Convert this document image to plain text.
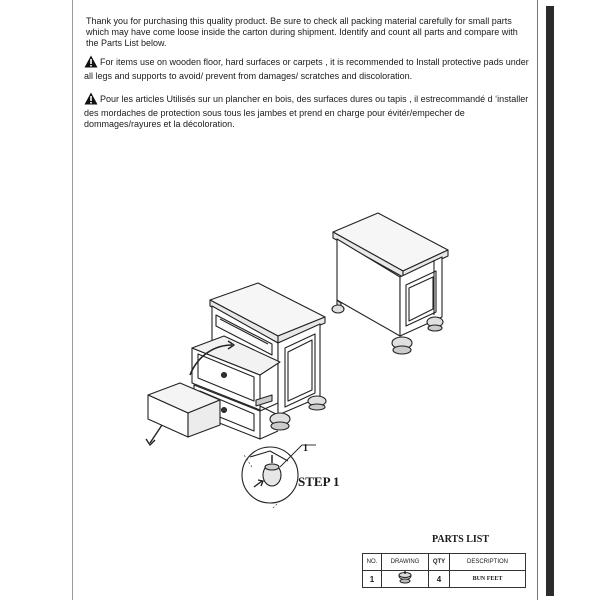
Thank you for purchasing this quality product. Be sure to check all packing material carefully for small parts which may have come loose inside the carton during shipment. Identify and count all parts and compare with the Parts List below.
For items use on wooden floor, hard surfaces or carpets , it is recommended to Install protective pads under all legs and supports to avoid/ prevent from damages/ scratches and discoloration.
Pour les articles Utilisés sur un plancher en bois, des surfaces dures ou tapis , il estrecommandé d ‘installer des mordaches de protection sous tous les jambes et prend en charge pour évitér/empecher de dommages/rayures et la décoloration.
1
STEP 1
PARTS LIST
NO.	DRAWING	QTY	DESCRIPTION
1		4	BUN FEET
